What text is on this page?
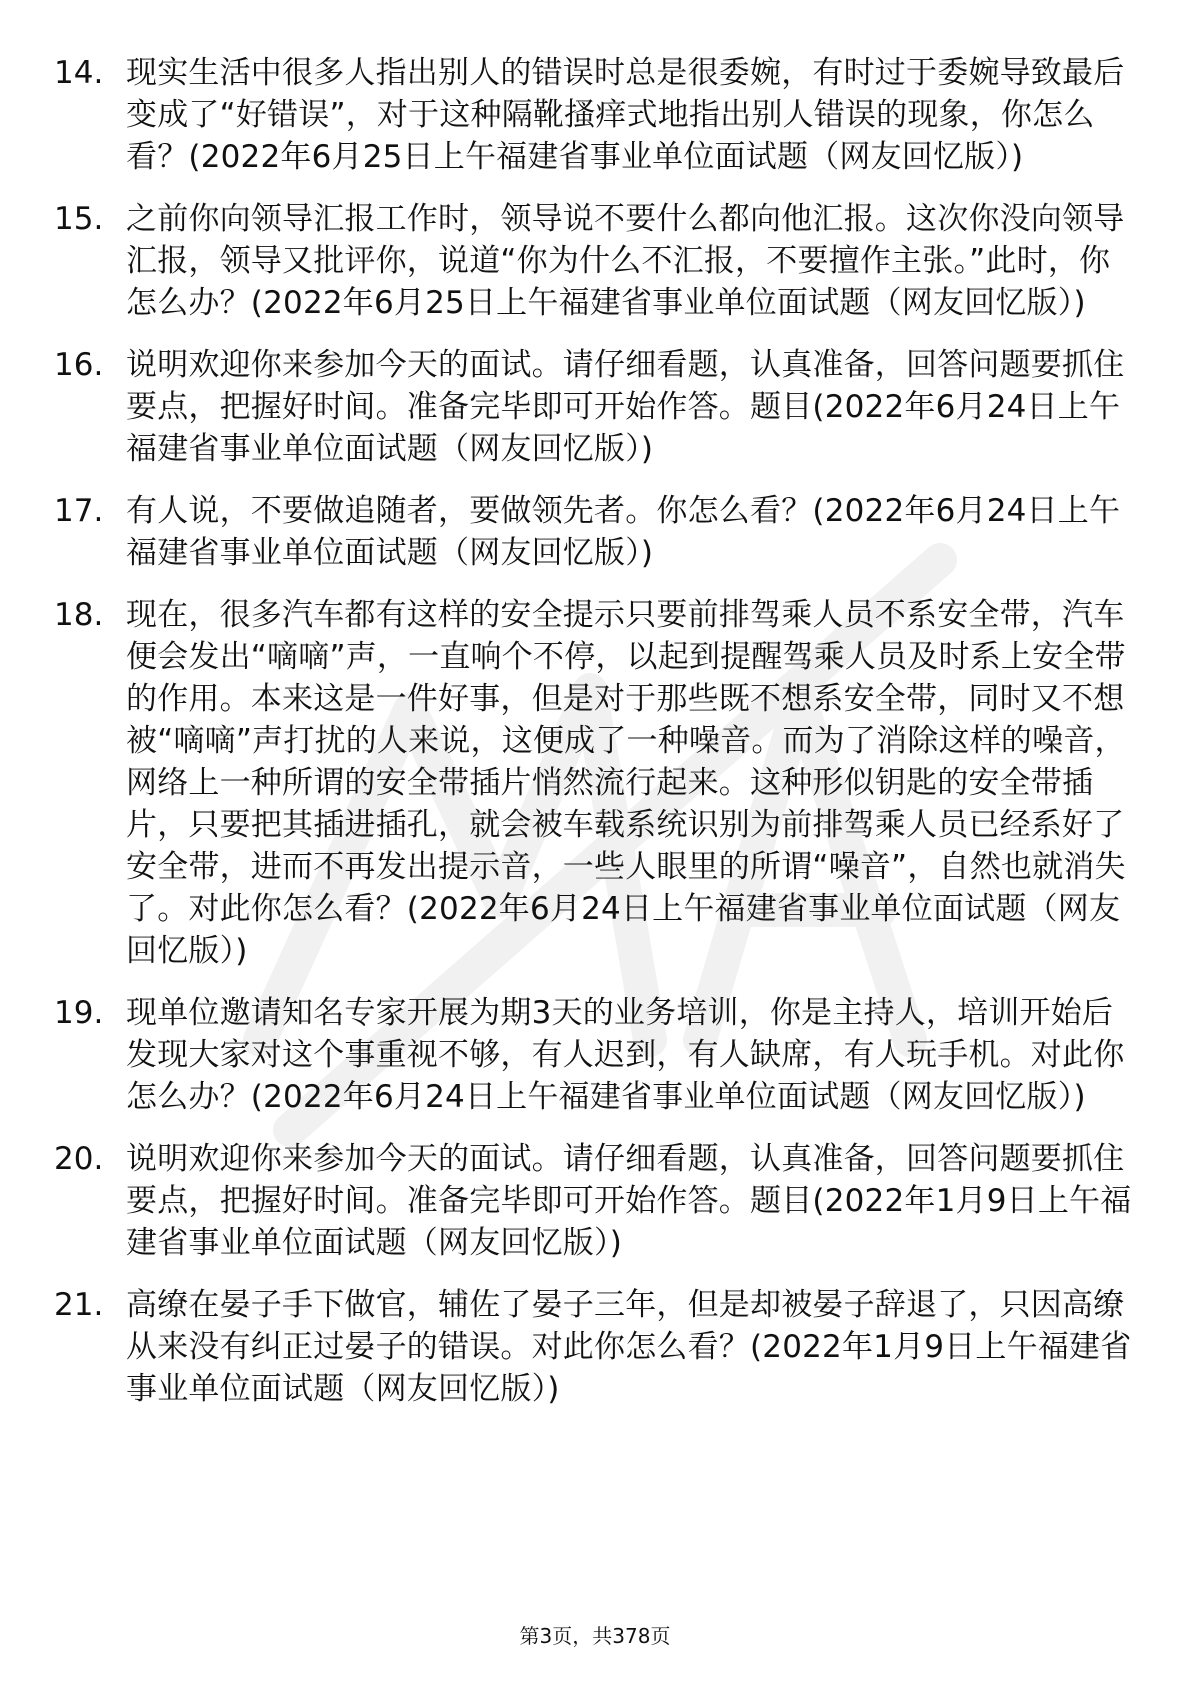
14. 现实生活中很多人指出别人的错误时总是很委婉，有时过于委婉导致最后变成了“好错误”，对于这种隔靴搔痒式地指出别人错误的现象，你怎么看？(2022年6月25日上午福建省事业单位面试题（网友回忆版）)
15. 之前你向领导汇报工作时，领导说不要什么都向他汇报。这次你没向领导汇报，领导又批评你，说道“你为什么不汇报，不要擅作主张。”此时，你怎么办？(2022年6月25日上午福建省事业单位面试题（网友回忆版）)
16. 说明欢迎你来参加今天的面试。请仔细看题，认真准备，回答问题要抓住要点，把握好时间。准备完毕即可开始作答。题目(2022年6月24日上午福建省事业单位面试题（网友回忆版）)
17. 有人说，不要做追随者，要做领先者。你怎么看？(2022年6月24日上午福建省事业单位面试题（网友回忆版）)
18. 现在，很多汽车都有这样的安全提示只要前排驾乘人员不系安全带，汽车便会发出“嘀嘀”声，一直响个不停，以起到提醒驾乘人员及时系上安全带的作用。本来这是一件好事，但是对于那些既不想系安全带，同时又不想被“嘀嘀”声打扰的人来说，这便成了一种噪音。而为了消除这样的噪音，网络上一种所谓的安全带插片悄然流行起来。这种形似钥匙的安全带插片，只要把其插进插孔，就会被车载系统识别为前排驾乘人员已经系好了安全带，进而不再发出提示音，一些人眼里的所谓“噪音”，自然也就消失了。对此你怎么看？(2022年6月24日上午福建省事业单位面试题（网友回忆版）)
19. 现单位邀请知名专家开展为期3天的业务培训，你是主持人，培训开始后发现大家对这个事重视不够，有人迟到，有人缺席，有人玩手机。对此你怎么办？(2022年6月24日上午福建省事业单位面试题（网友回忆版）)
20. 说明欢迎你来参加今天的面试。请仔细看题，认真准备，回答问题要抓住要点，把握好时间。准备完毕即可开始作答。题目(2022年1月9日上午福建省事业单位面试题（网友回忆版）)
21. 高缭在晏子手下做官，辅佐了晏子三年，但是却被晏子辞退了，只因高缭从来没有纠正过晏子的错误。对此你怎么看？(2022年1月9日上午福建省事业单位面试题（网友回忆版）)
第3页，共378页
